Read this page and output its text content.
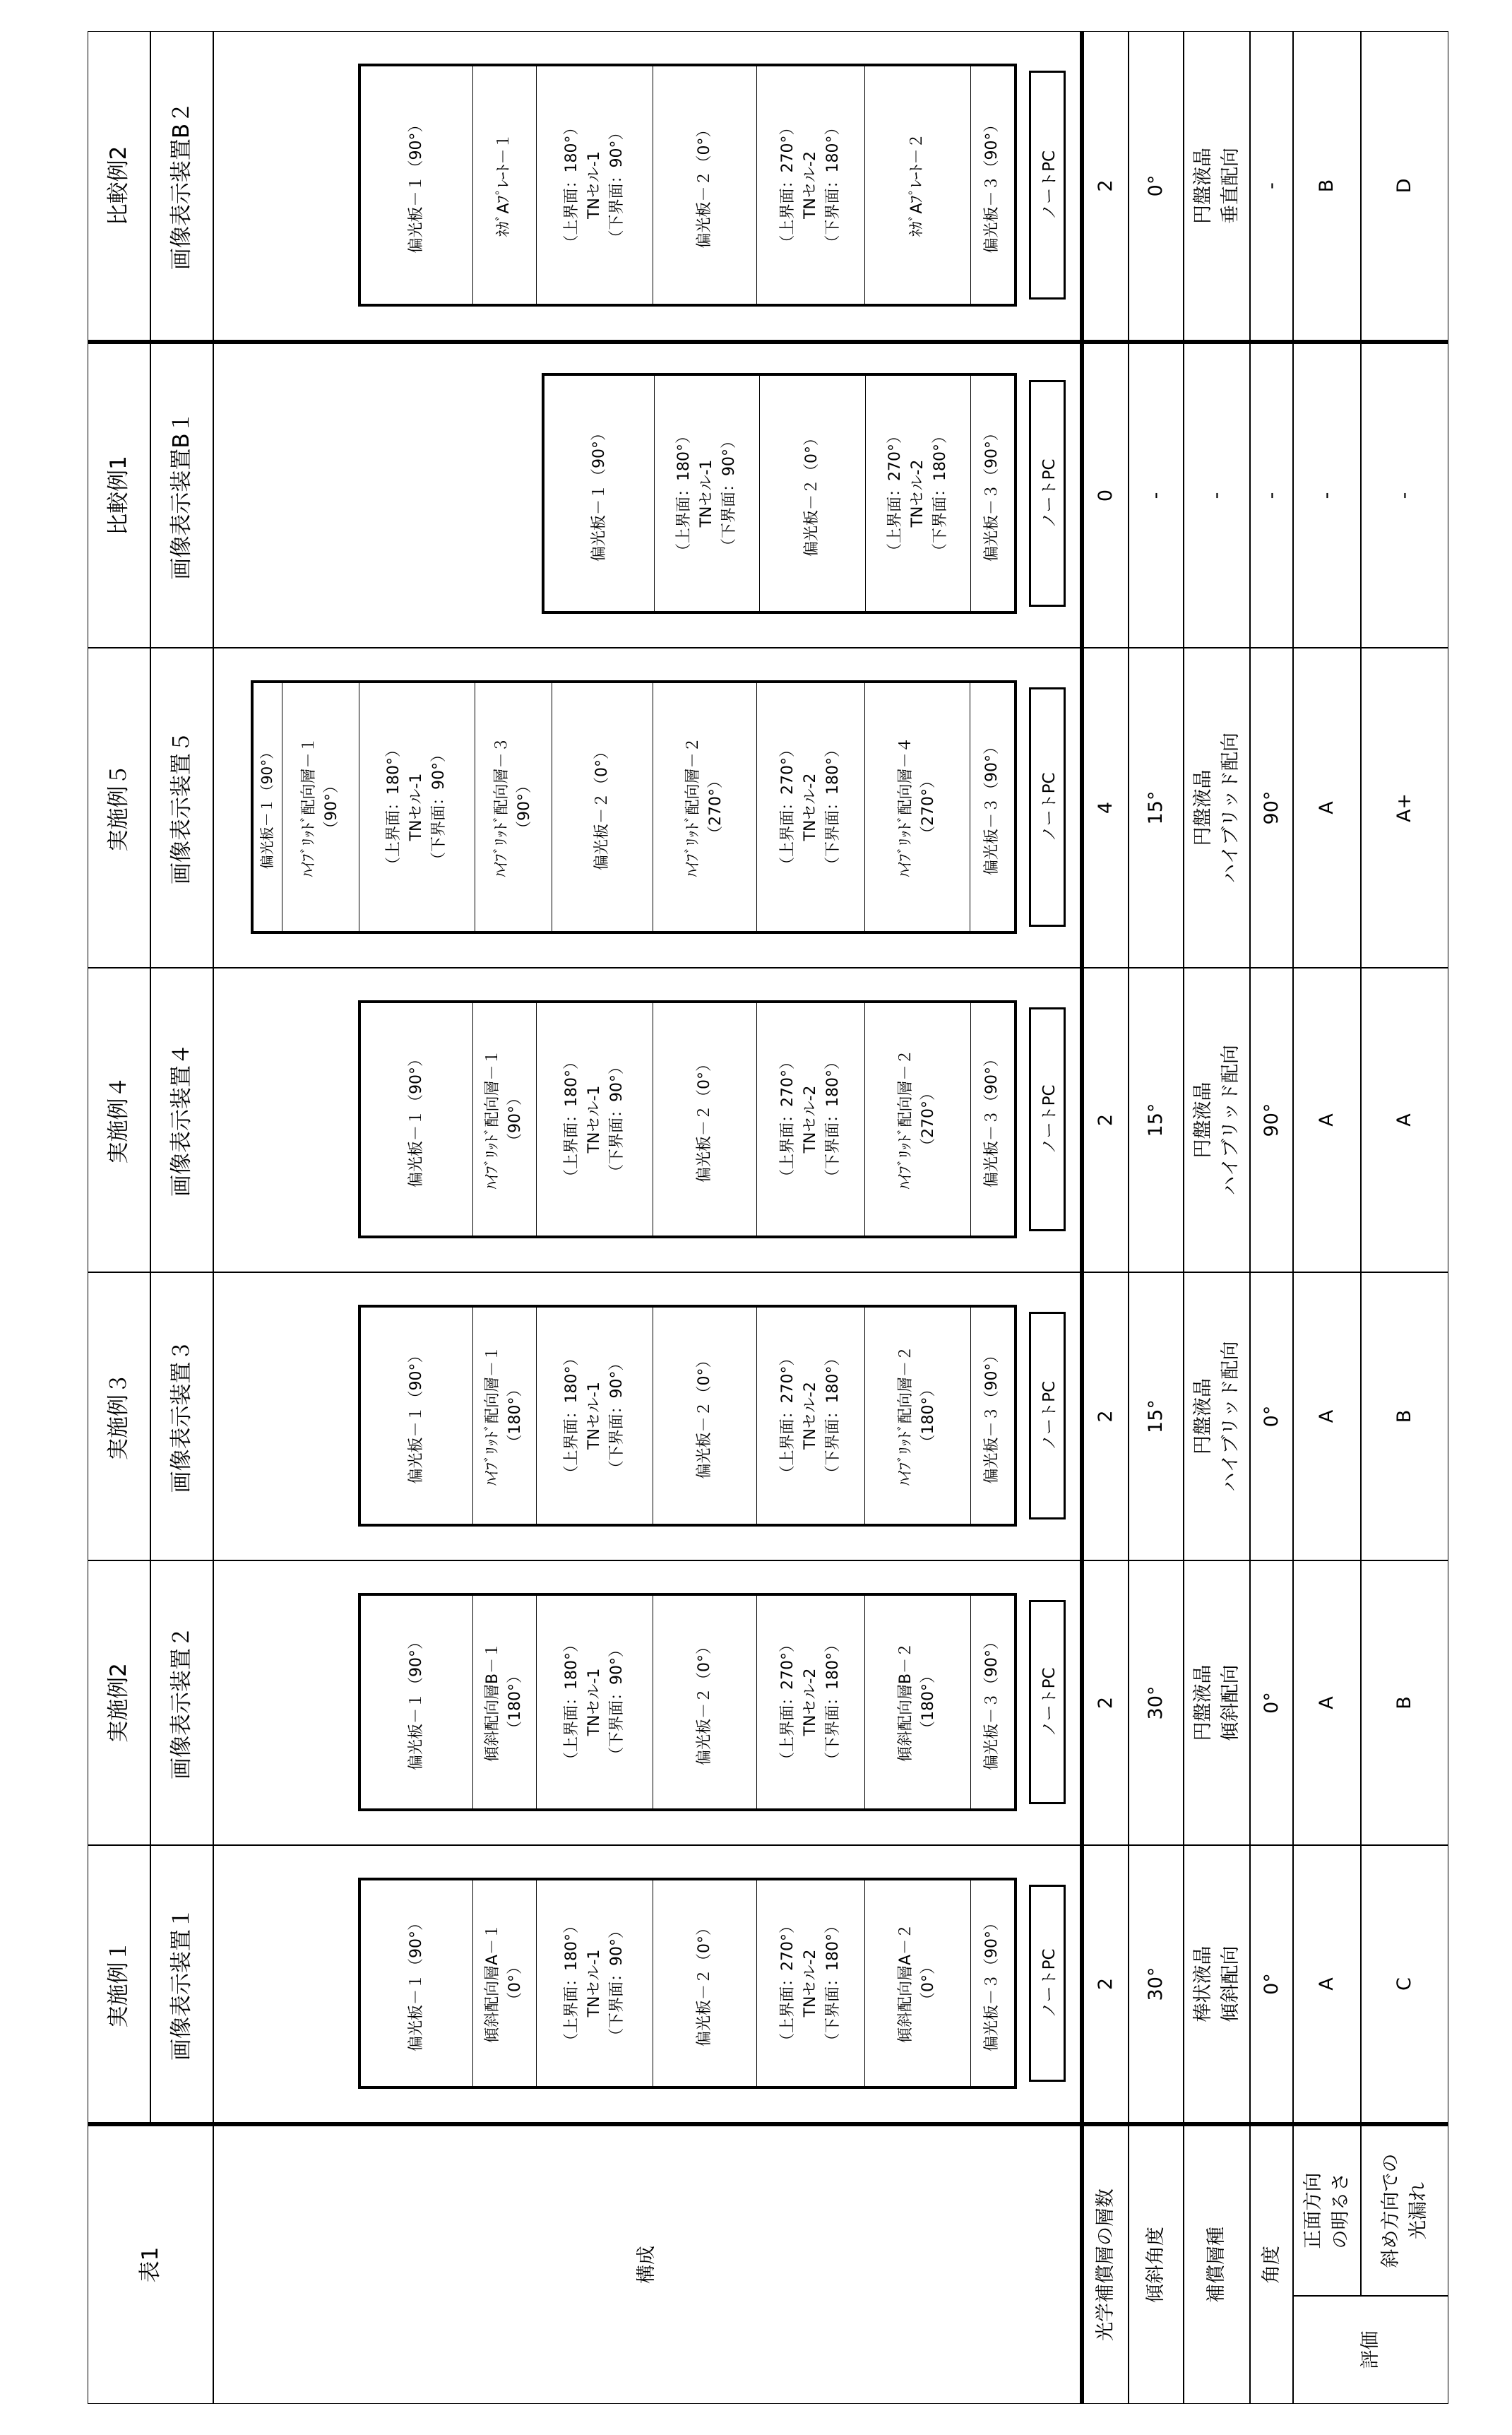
表1	構成	光学補償層の層数	傾斜角度	補償層種	角度
評価
正面方向
の明るさ	斜め方向での
光漏れ
実施例１	画像表示装置１	2	30°	棒状液晶
傾斜配向 0°	A	C
偏光板－１（90°）	傾斜配向層A－１
（0°）	（上界面：180°）
TNセル-1
（下界面：90°）	偏光板－２（0°）	（上界面：270°）
TNセル-2
（下界面：180°）	傾斜配向層A－２
（0°）	偏光板－３（90°）	ノートPC
実施例2	画像表示装置２	2	30°	円盤液晶
傾斜配向 0°	A	B
偏光板－１（90°）	傾斜配向層B－１
（180°）	（上界面：180°）
TNセル-1
（下界面：90°）	偏光板－２（0°）	（上界面：270°）
TNセル-2
（下界面：180°）	傾斜配向層B－２
（180°）	偏光板－３（90°）	ノートPC
実施例３	画像表示装置３	2	15°	円盤液晶
ハイブリッド配向 0°	A	B
偏光板－１（90°）	ﾊｲﾌﾞﾘｯﾄﾞ配向層－１
（180°）	（上界面：180°）
TNセル-1
（下界面：90°）	偏光板－２（0°）	（上界面：270°）
TNセル-2
（下界面：180°）	ﾊｲﾌﾞﾘｯﾄﾞ配向層－２
（180°）	偏光板－３（90°）	ノートPC
実施例４	画像表示装置４	2	15°	円盤液晶
ハイブリッド配向 90°	A	A
偏光板－１（90°）	ﾊｲﾌﾞﾘｯﾄﾞ配向層－１
（90°）	（上界面：180°）
TNセル-1
（下界面：90°）	偏光板－２（0°）	（上界面：270°）
TNセル-2
（下界面：180°）	ﾊｲﾌﾞﾘｯﾄﾞ配向層－２
（270°）	偏光板－３（90°）	ノートPC
実施例５	画像表示装置５	4	15°	円盤液晶
ハイブリッド配向 90°	A	A+
偏光板－１（90°）	ﾊｲﾌﾞﾘｯﾄﾞ配向層－１
（90°）	（上界面：180°）
TNセル-1
（下界面：90°）	ﾊｲﾌﾞﾘｯﾄﾞ配向層－３
（90°）	偏光板－２（0°）	ﾊｲﾌﾞﾘｯﾄﾞ配向層－２
（270°）	（上界面：270°）
TNセル-2
（下界面：180°）	ﾊｲﾌﾞﾘｯﾄﾞ配向層－４
（270°）	偏光板－３（90°）	ノートPC
比較例1	画像表示装置B１	0	-	-	-	-	-
偏光板－１（90°）	（上界面：180°）
TNセル-1
（下界面：90°）	偏光板－２（0°）	（上界面：270°）
TNセル-2
（下界面：180°）	偏光板－３（90°）	ノートPC
比較例2	画像表示装置B２	2	0°	円盤液晶
垂直配向 -	B	D
偏光板－１（90°）	ﾈｶﾞAﾌﾟﾚｰﾄ－１	（上界面：180°）
TNセル-1
（下界面：90°）	偏光板－２（0°）	（上界面：270°）
TNセル-2
（下界面：180°）	ﾈｶﾞAﾌﾟﾚｰﾄ－２	偏光板－３（90°）	ノートPC
